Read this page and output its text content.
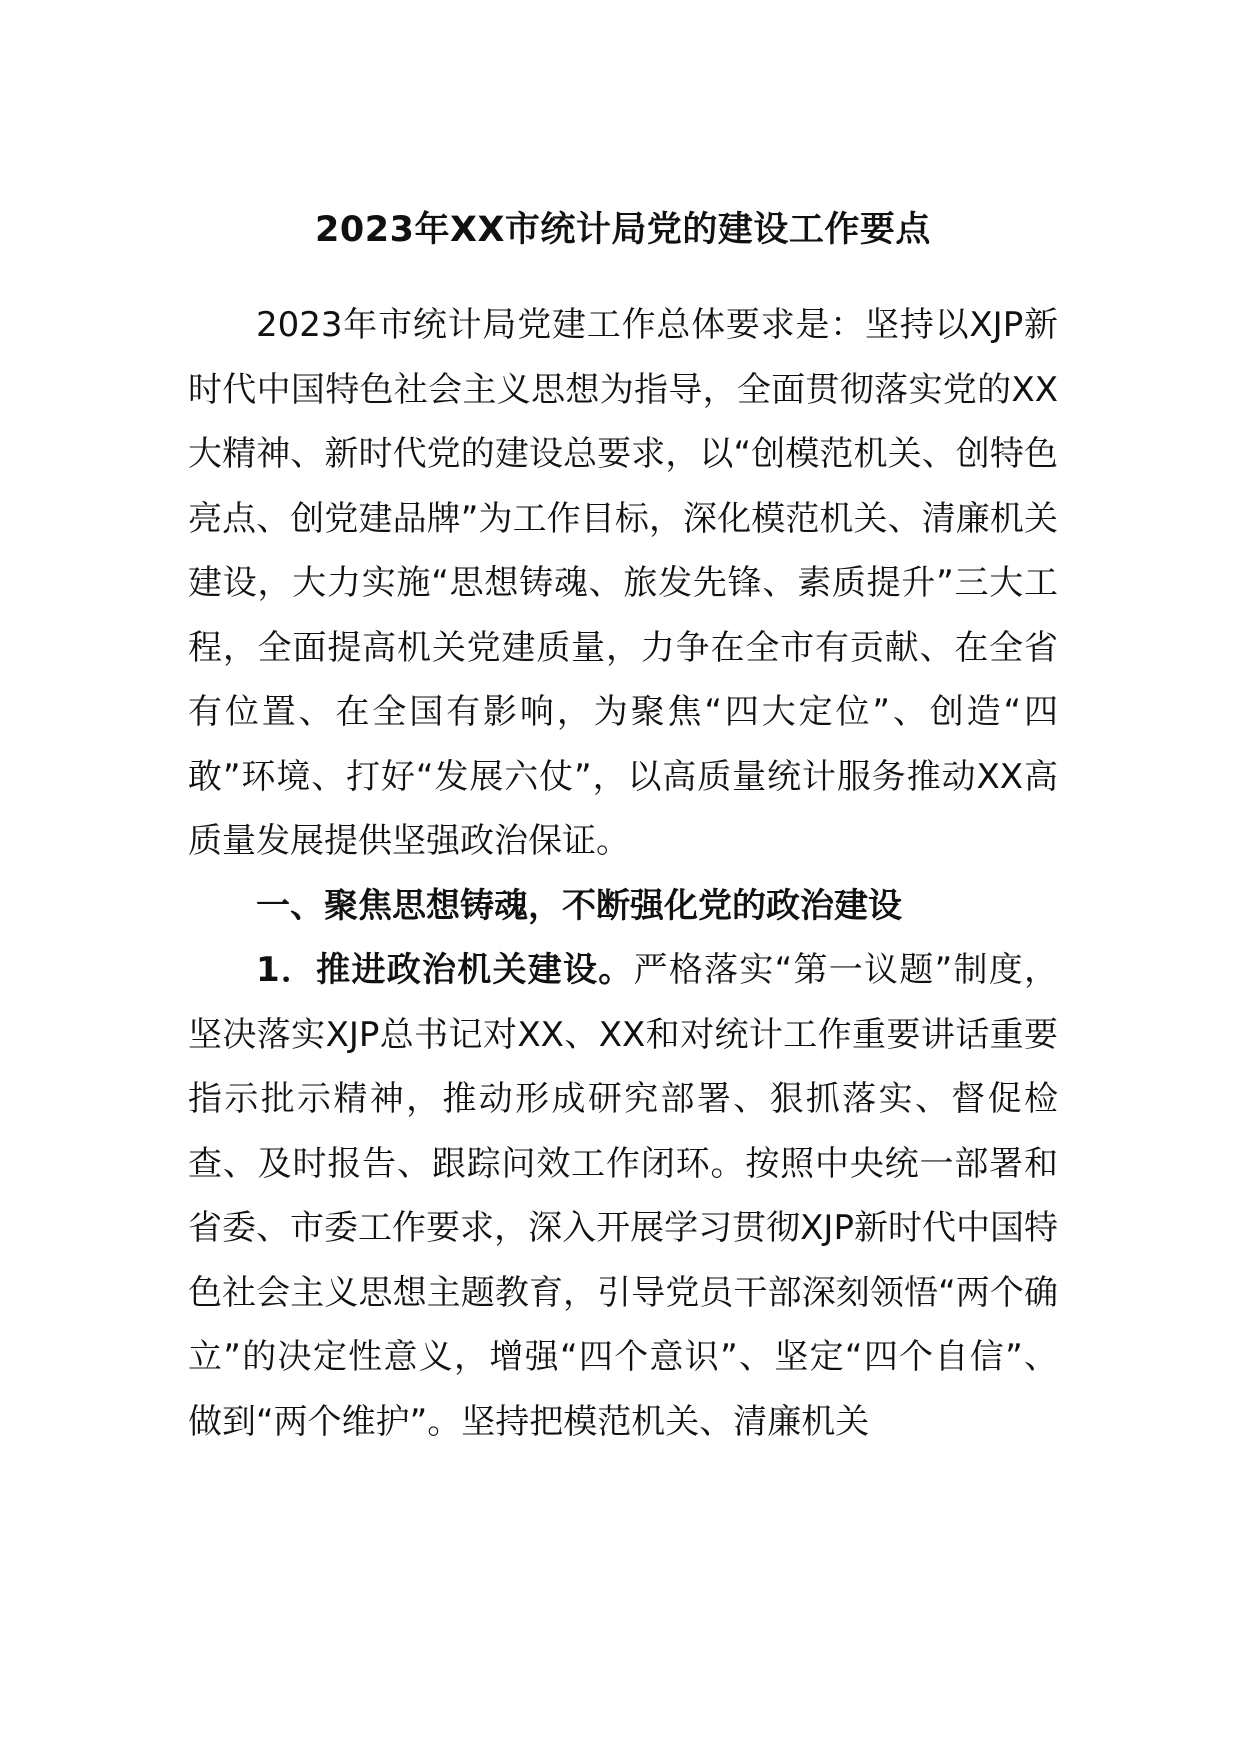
2023年XX市统计局党的建设工作要点

2023年市统计局党建工作总体要求是：坚持以XJP新时代中国特色社会主义思想为指导，全面贯彻落实党的XX大精神、新时代党的建设总要求，以“创模范机关、创特色亮点、创党建品牌”为工作目标，深化模范机关、清廉机关建设，大力实施“思想铸魂、旅发先锋、素质提升”三大工程，全面提高机关党建质量，力争在全市有贡献、在全省有位置、在全国有影响，为聚焦“四大定位”、创造“四敢”环境、打好“发展六仗”，以高质量统计服务推动XX高质量发展提供坚强政治保证。

一、聚焦思想铸魂，不断强化党的政治建设

1．推进政治机关建设。严格落实“第一议题”制度，坚决落实XJP总书记对XX、XX和对统计工作重要讲话重要指示批示精神，推动形成研究部署、狠抓落实、督促检查、及时报告、跟踪问效工作闭环。按照中央统一部署和省委、市委工作要求，深入开展学习贯彻XJP新时代中国特色社会主义思想主题教育，引导党员干部深刻领悟“两个确立”的决定性意义，增强“四个意识”、坚定“四个自信”、做到“两个维护”。坚持把模范机关、清廉机关
